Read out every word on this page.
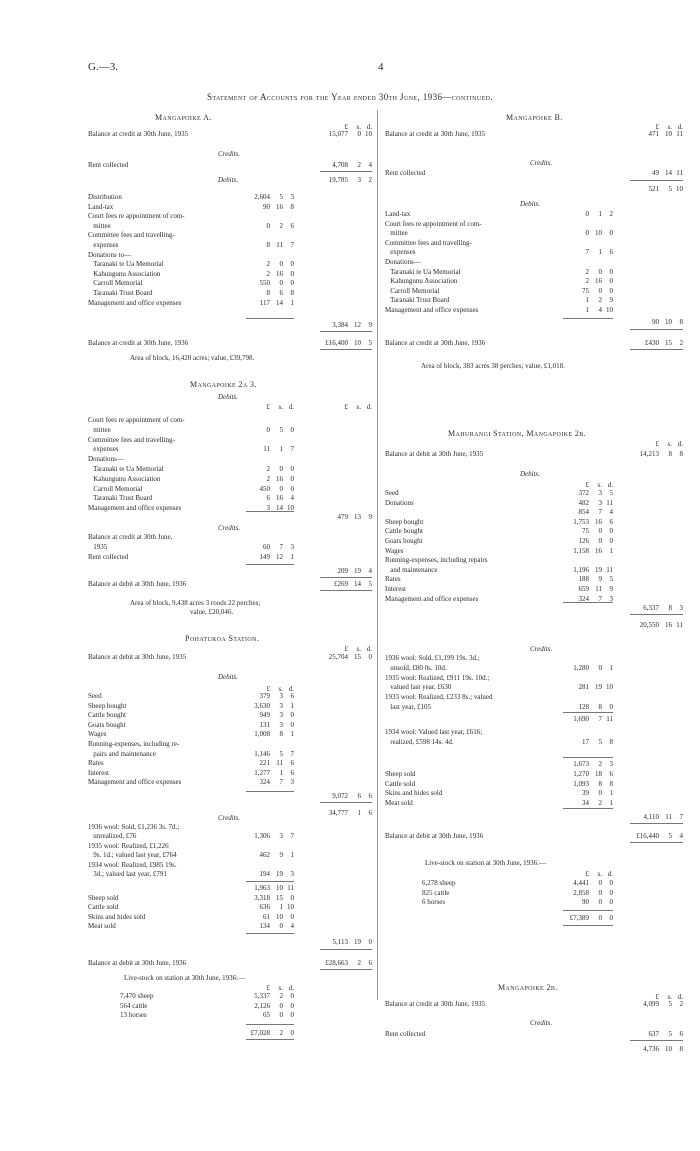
G.—3.	4
Statement of Accounts for the Year ended 30th June, 1936—continued.
Mangapoike A.
£	s. d.
Balance at credit at 30th June, 1935	15,077	0 10
Credits.
Rent collected	4,708	2	4
19,785	3	2
Debits.
Distribution	2,604	5	3
Land-tax	90 16	8
Court fees re appointment of com-
mittee	0	2	6
Committee fees and travelling-
expenses	8 11	7
Donations to—
Taranaki te Ua Memorial	2	0	0
Kahungunu Association	2 16	0
Carroll Memorial	550	0	0
Taranaki Trust Board	8	6	8
Management and office expenses	117 14	1
3,384 12	9
Balance at credit at 30th June, 1936	£16,400 10	5
Area of block, 16,420 acres; value, £39,798.
Mangapoike 2a 3.
Debits.
£	s. d.	£	s. d.
Court fees re appointment of com-
mittee	0	5	0
Committee fees and travelling-
expenses	11	1	7
Donations—
Taranaki te Ua Memorial	2	0	0
Kahungunu Association	2 16	0
Carroll Memorial	450	0	0
Taranaki Trust Board	6 16	4
Management and office expenses	3 14 10
479 13	9
Credits.
Balance at credit at 30th June,
1935	60	7	3
Rent collected	149 12	1
209 19	4
Balance at debit at 30th June, 1936	£269 14	5
Area of block, 9,438 acres 3 roods 22 perches;
value, £20,046.
Pohaturoa Station.
£	s. d.
Balance at debit at 30th June, 1935	25,704 15	0
Debits.
£	s. d.
Seed	379	3	6
Sheep bought	3,630	3	1
Cattle bought	949	3	0
Goats bought	131	3	0
Wages	1,008	8	1
Running-expenses, including re-
pairs and maintenance	1,146	5	7
Rates	221 11	6
Interest	1,277	1	6
Management and office expenses	324	7	3
9,072	6	6
34,777	1	6
Credits.
1936 wool: Sold, £1,236 3s. 7d.;
unrealized, £76	1,306	3	7
1935 wool: Realized, £1,226
9s. 1d.; valued last year, £764	462	9	1
1934 wool: Realized, £985 19s.
3d.; valued last year, £791	194 19	3
1,963 10 11
Sheep sold	3,318 15	0
Cattle sold	636	1 10
Skins and hides sold	61 10	0
Meat sold	134	0	4
5,113 19	0
Balance at debit at 30th June, 1936	£28,663	2	6
Live-stock on station at 30th June, 1936:—
£	s. d.
7,470 sheep	5,337	2	0
564 cattle	2,126	0	0
13 horses	65	0	0
£7,028	2	0
Mangapoike B.
£	s. d.
Balance at credit at 30th June, 1935	471 10 11
Credits.
Rent collected	49 14 11
521	5 10
Debits.
Land-tax	0	1	2
Court fees re appointment of com-
mittee	0 10	0
Committee fees and travelling-
expenses	7	1	6
Donations—
Taranaki te Ua Memorial	2	0	0
Kahungunu Association	2 16	0
Carroll Memorial	75	0	0
Taranaki Trust Board	1	2	9
Management and office expenses	1	4 10
90 10	8
Balance at credit at 30th June, 1936	£430 15	2
Area of block, 383 acres 38 perches; value, £1,018.
Mahurangi Station, Mangapoike 2b.
£	s. d.
Balance at debit at 30th June, 1935	14,213	8	8
Debits.
£	s. d.
Seed	372	3	5
Donations	482	3 11
854	7	4
Sheep bought	1,753 16	6
Cattle bought	75	0	0
Goats bought	126	0	0
Wages	1,158 16	1
Running-expenses, including repairs
and maintenance	1,196 19 11
Rates	188	9	5
Interest	659 11	9
Management and office expenses	324	7	3
6,337	8	3
20,550 16 11
Credits.
1936 wool: Sold, £1,199 19s. 3d.;
unsold, £80 0s. 10d.	1,280	0	1
1935 wool: Realized, £911 19s. 10d.;
valued last year, £630	281 19 10
1933 wool: Realized, £233 8s.; valued
last year, £105	128	8	0
1,690	7 11
1934 wool: Valued last year, £616;
realized, £598 14s. 4d.	17	5	8
1,673	2	3
Sheep sold	1,270 18	6
Cattle sold	1,093	8	8
Skins and hides sold	39	0	1
Meat sold	34	2	1
4,110 11	7
Balance at debit at 30th June, 1936	£16,440	5	4
Live-stock on station at 30th June, 1936:—
£	s. d.
6,278 sheep	4,441	0	0
825 cattle	2,858	0	0
6 horses	90	0	0
£7,389	0	0
Mangapoike 2b.
£	s. d.
Balance at credit at 30th June, 1935	4,099	5	2
Credits.
Rent collected	637	5	6
4,736 10	8
